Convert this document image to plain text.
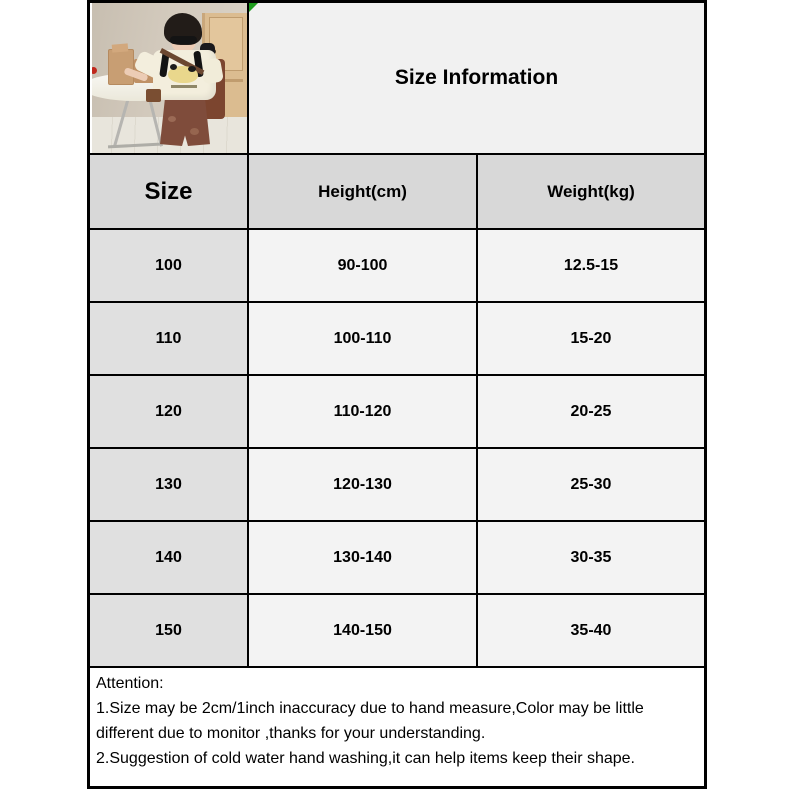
Size Information
Size	Height(cm)	Weight(kg)
100	90-100	12.5-15
110	100-110	15-20
120	110-120	20-25
130	120-130	25-30
140	130-140	30-35
150	140-150	35-40
Attention:
1.Size may be 2cm/1inch inaccuracy due to hand measure,Color may be little different due to monitor ,thanks for your understanding.
2.Suggestion of cold water hand washing,it can help items keep their shape.
